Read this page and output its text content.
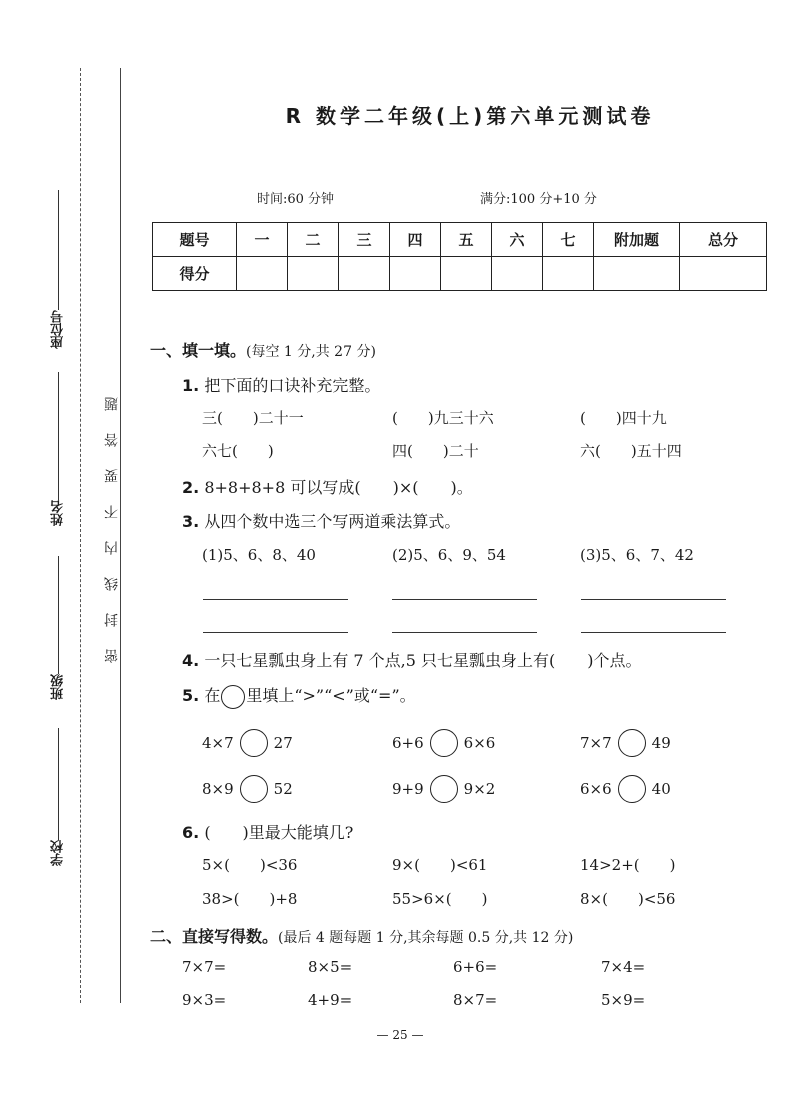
座位号
姓名
班级
学校
密封线内不要答题
R 数学二年级(上)第六单元测试卷
时间:60 分钟	满分:100 分+10 分
题号	一	二	三	四	五	六	七	附加题	总分
得分									
一、填一填。(每空 1 分,共 27 分)
1. 把下面的口诀补充完整。
三(　　)二十一	(　　)九三十六	(　　)四十九
六七(　　)	四(　　)二十	六(　　)五十四
2. 8+8+8+8 可以写成(　　)×(　　)。
3. 从四个数中选三个写两道乘法算式。
(1)5、6、8、40	(2)5、6、9、54	(3)5、6、7、42
4. 一只七星瓢虫身上有 7 个点,5 只七星瓢虫身上有(　　)个点。
5. 在 里填上“>”“<”或“=”。
4×7	27	6+6	6×6	7×7	49
8×9	52	9+9	9×2	6×6	40
6. (　　)里最大能填几?
5×(　　)<36	9×(　　)<61	14>2+(　　)
38>(　　)+8	55>6×(　　)	8×(　　)<56
二、直接写得数。(最后 4 题每题 1 分,其余每题 0.5 分,共 12 分)
7×7=	8×5=	6+6=	7×4=
9×3=	4+9=	8×7=	5×9=
— 25 —
